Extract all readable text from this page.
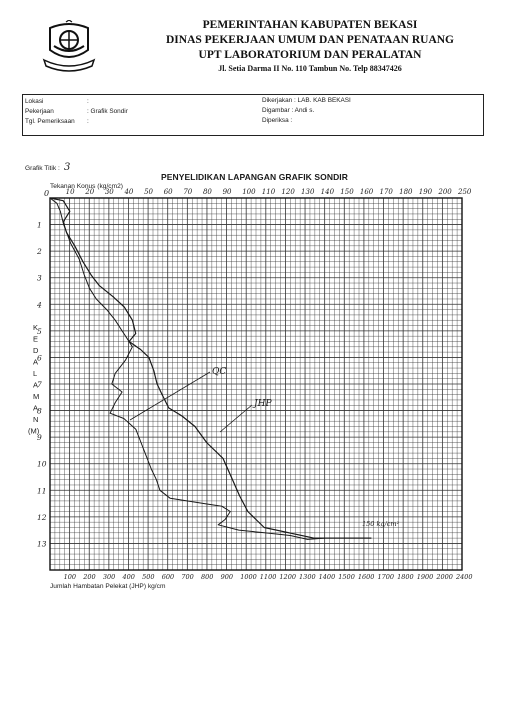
PEMERINTAHAN KABUPATEN BEKASI
DINAS PEKERJAAN UMUM DAN PENATAAN RUANG
UPT LABORATORIUM DAN PERALATAN
Jl. Setia Darma II No. 110 Tambun No. Telp 88347426
Lokasi	:
Pekerjaan	: Grafik Sondir
Tgl. Pemeriksaan :
Dikerjakan : LAB. KAB BEKASI
Digambar : Andi s.
Diperiksa :
Grafik Titik : 3
PENYELIDIKAN LAPANGAN GRAFIK SONDIR
Tekanan Konus (kg/cm2)
Jumlah Hambatan Pelekat (JHP) kg/cm
10 20 30 40 50 60 70 80 90 100 110 120 130 140 150 160 170 180 190 200 250
0
100 200 300 400 500 600 700 800 900 1000 1100 1200 1300 1400 1500 1600 1700 1800 1900 2000 2400
1
2
3
4
5
6
7
8
9
10
11
12
13
K
E
D
A
L
A
M
A
N
(M)
QC
JHP
150 kg/cm²
